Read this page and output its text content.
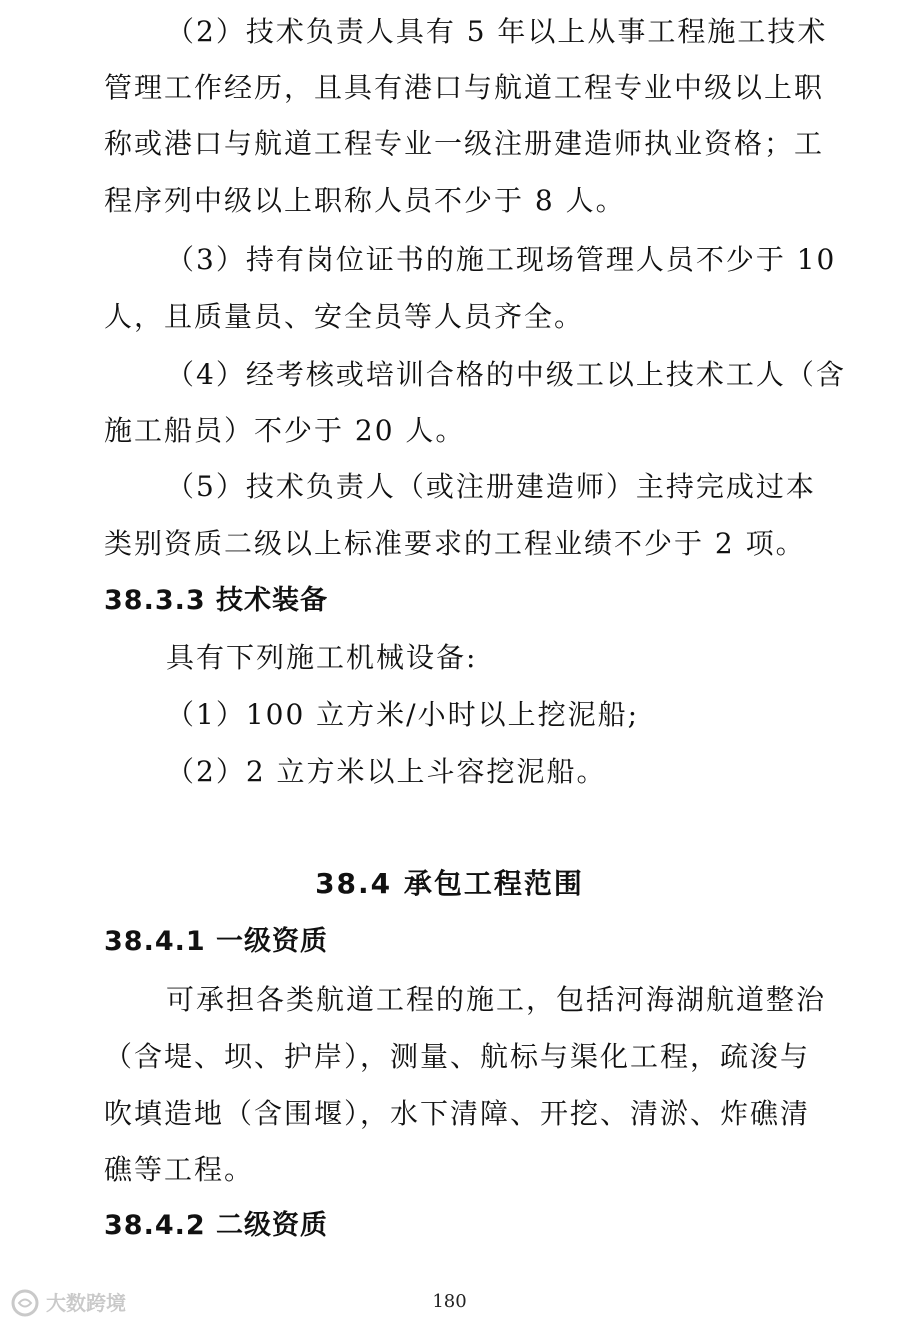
（2）技术负责人具有 5 年以上从事工程施工技术
管理工作经历，且具有港口与航道工程专业中级以上职
称或港口与航道工程专业一级注册建造师执业资格；工
程序列中级以上职称人员不少于 8 人。
（3）持有岗位证书的施工现场管理人员不少于 10
人，且质量员、安全员等人员齐全。
（4）经考核或培训合格的中级工以上技术工人（含
施工船员）不少于 20 人。
（5）技术负责人（或注册建造师）主持完成过本
类别资质二级以上标准要求的工程业绩不少于 2 项。
38.3.3 技术装备
具有下列施工机械设备:
（1）100 立方米/小时以上挖泥船;
（2）2 立方米以上斗容挖泥船。
38.4 承包工程范围
38.4.1 一级资质
可承担各类航道工程的施工，包括河海湖航道整治
（含堤、坝、护岸），测量、航标与渠化工程，疏浚与
吹填造地（含围堰），水下清障、开挖、清淤、炸礁清
礁等工程。
38.4.2 二级资质
180
大数跨境
